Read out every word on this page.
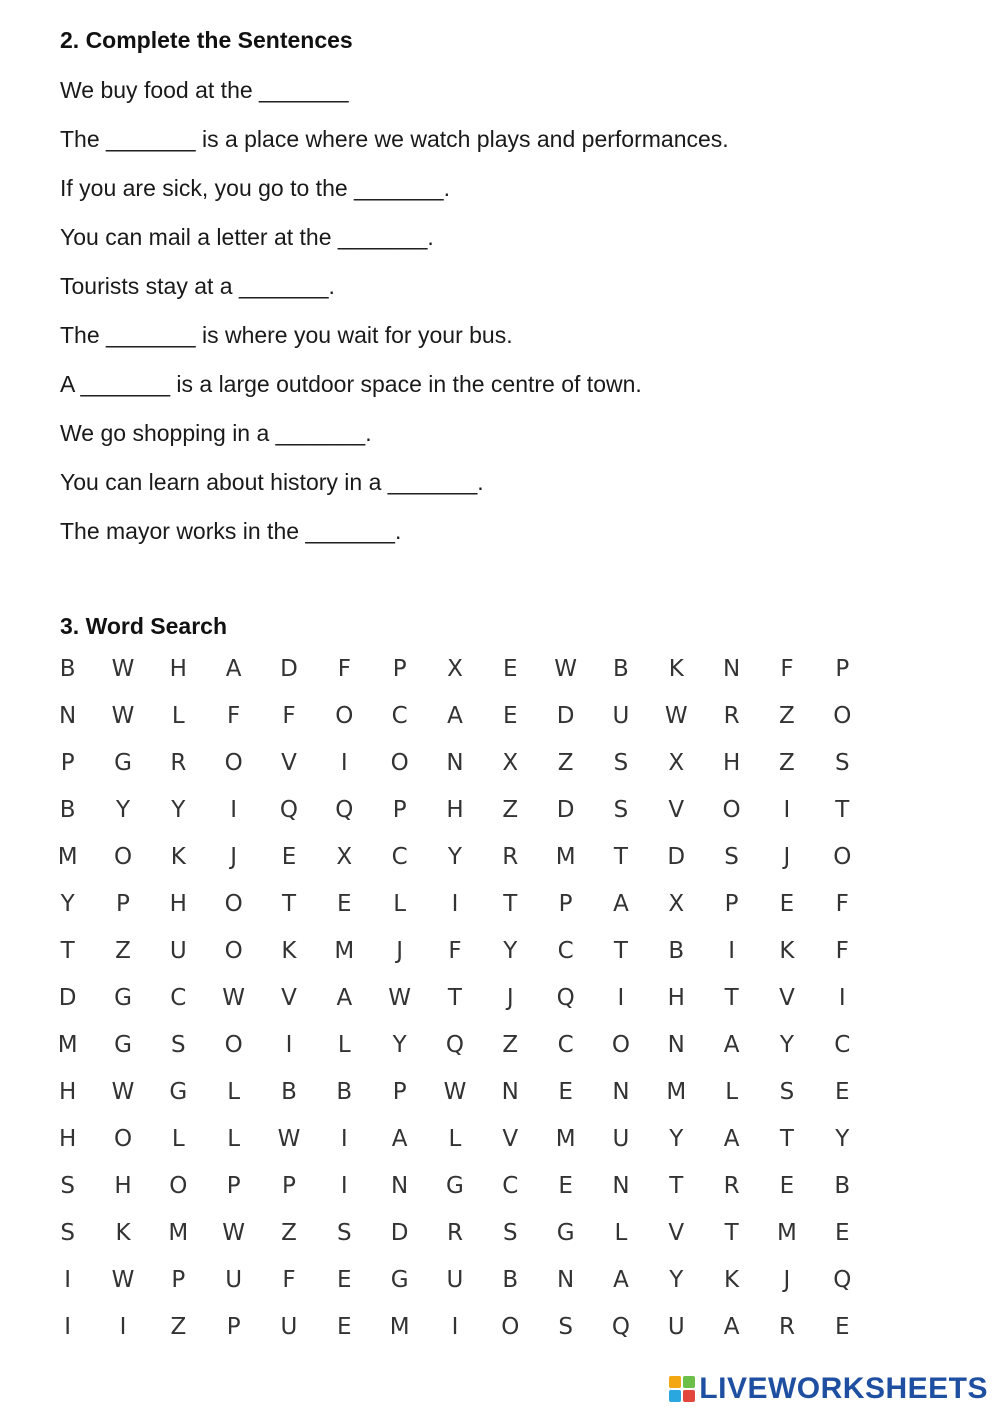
2. Complete the Sentences
We buy food at the _______
The _______ is a place where we watch plays and performances.
If you are sick, you go to the _______.
You can mail a letter at the _______.
Tourists stay at a _______.
The _______ is where you wait for your bus.
A _______ is a large outdoor space in the centre of town.
We go shopping in a _______.
You can learn about history in a _______.
The mayor works in the _______.
3. Word Search
B	W	H	A	D	F	P	X	E	W	B	K	N	F	P
N	W	L	F	F	O	C	A	E	D	U	W	R	Z	O
P	G	R	O	V	I	O	N	X	Z	S	X	H	Z	S
B	Y	Y	I	Q	Q	P	H	Z	D	S	V	O	I	T
M	O	K	J	E	X	C	Y	R	M	T	D	S	J	O
Y	P	H	O	T	E	L	I	T	P	A	X	P	E	F
T	Z	U	O	K	M	J	F	Y	C	T	B	I	K	F
D	G	C	W	V	A	W	T	J	Q	I	H	T	V	I
M	G	S	O	I	L	Y	Q	Z	C	O	N	A	Y	C
H	W	G	L	B	B	P	W	N	E	N	M	L	S	E
H	O	L	L	W	I	A	L	V	M	U	Y	A	T	Y
S	H	O	P	P	I	N	G	C	E	N	T	R	E	B
S	K	M	W	Z	S	D	R	S	G	L	V	T	M	E
I	W	P	U	F	E	G	U	B	N	A	Y	K	J	Q
I	I	Z	P	U	E	M	I	O	S	Q	U	A	R	E
LIVEWORKSHEETS
